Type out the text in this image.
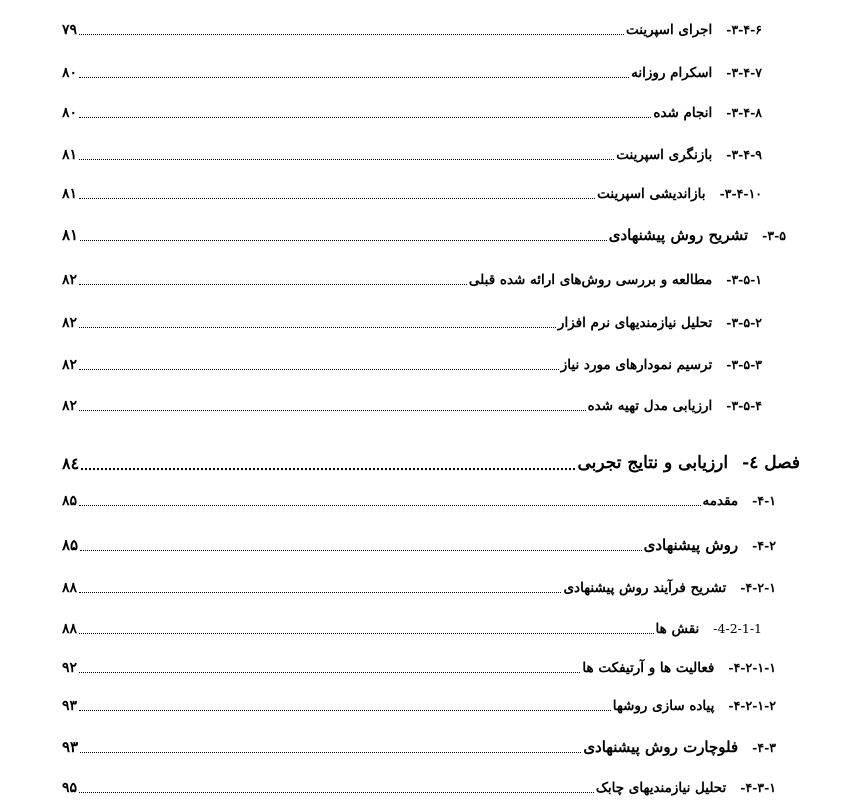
۷۹	۳-۴-۶-اجرای اسپرینت
۸۰	۳-۴-۷-اسکرام روزانه
۸۰	۳-۴-۸-انجام شده
۸۱	۳-۴-۹-بازنگری اسپرینت
۸۱	۳-۴-۱۰-بازاندیشی اسپرینت
۸۱	۳-۵-تشریح روش پیشنهادی
۸۲	۳-۵-۱-مطالعه و بررسی روش‌های ارائه شده قبلی
۸۲	۳-۵-۲-تحلیل نیازمندیهای نرم افزار
۸۲	۳-۵-۳-ترسیم نمودارهای مورد نیاز
۸۲	۳-۵-۴-ارزیابی مدل تهیه شده
۸٤	فصل ٤-ارزیابی و نتایج تجربی
۸۵	۴-۱-مقدمه
۸۵	۴-۲-روش پیشنهادی
۸۸	۴-۲-۱-تشریح فرآیند روش پیشنهادی
۸۸	4-2-1-1-نقش ها
۹۲	۴-۲-۱-۱-فعالیت ها و آرتیفکت ها
۹۳	۴-۲-۱-۲-پیاده سازی روشها
۹۳	۴-۳-فلوچارت روش پیشنهادی
۹۵	۴-۳-۱-تحلیل نیازمندیهای چابک
